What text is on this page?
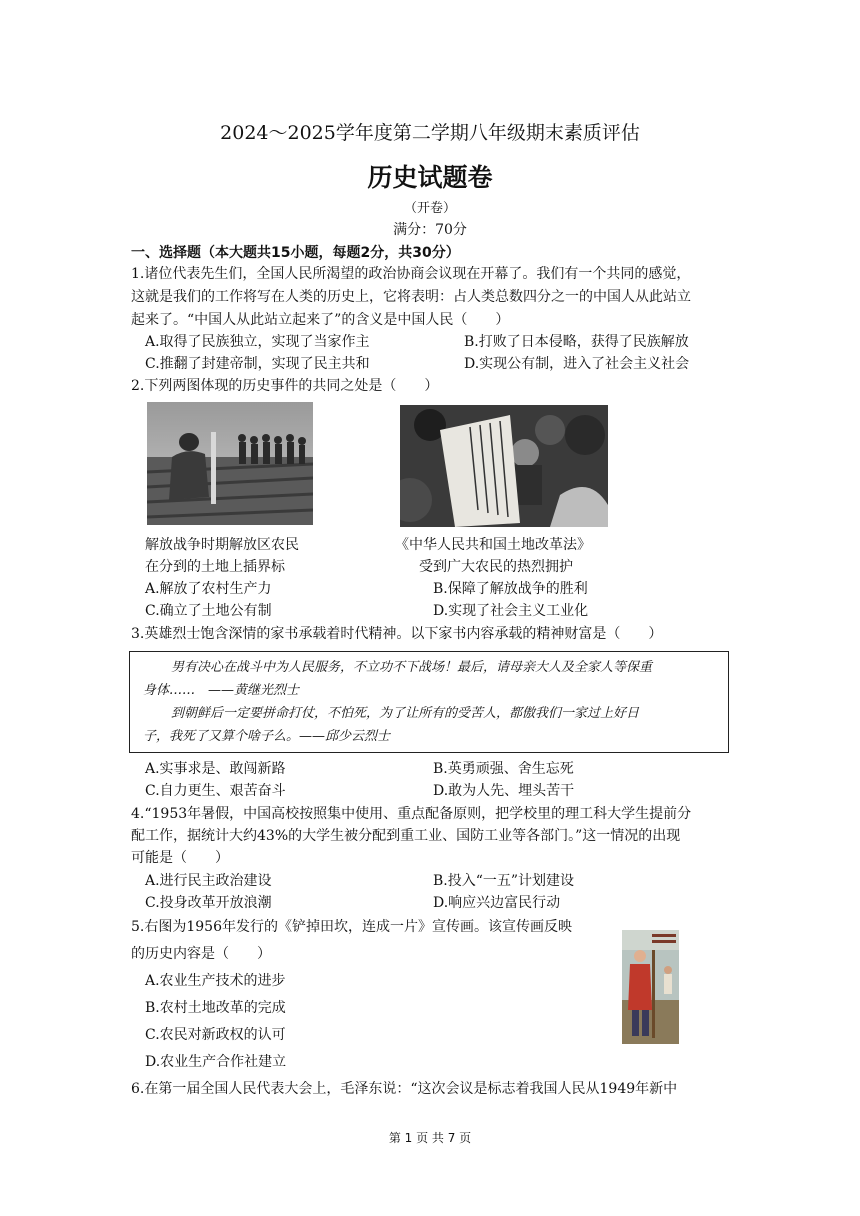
2024～2025学年度第二学期八年级期末素质评估
历史试题卷
（开卷）
满分：70分
一、选择题（本大题共15小题，每题2分，共30分）
1.诸位代表先生们，全国人民所渴望的政治协商会议现在开幕了。我们有一个共同的感觉，
这就是我们的工作将写在人类的历史上，它将表明：占人类总数四分之一的中国人从此站立
起来了。“中国人从此站立起来了”的含义是中国人民（　　）
A.取得了民族独立，实现了当家作主	B.打败了日本侵略，获得了民族解放
C.推翻了封建帝制，实现了民主共和	D.实现公有制，进入了社会主义社会
2.下列两图体现的历史事件的共同之处是（　　）
解放战争时期解放区农民
在分到的土地上插界标
《中华人民共和国土地改革法》
受到广大农民的热烈拥护
A.解放了农村生产力	B.保障了解放战争的胜利
C.确立了土地公有制	D.实现了社会主义工业化
3.英雄烈士饱含深情的家书承载着时代精神。以下家书内容承载的精神财富是（　　）
男有决心在战斗中为人民服务，不立功不下战场！最后，请母亲大人及全家人等保重
身体……　——黄继光烈士
到朝鲜后一定要拼命打仗，不怕死，为了让所有的受苦人，都傲我们一家过上好日
子，我死了又算个啥子么。——邱少云烈士
A.实事求是、敢闯新路	B.英勇顽强、舍生忘死
C.自力更生、艰苦奋斗	D.敢为人先、埋头苦干
4.“1953年暑假，中国高校按照集中使用、重点配备原则，把学校里的理工科大学生提前分
配工作，据统计大约43%的大学生被分配到重工业、国防工业等各部门。”这一情况的出现
可能是（　　）
A.进行民主政治建设	B.投入“一五”计划建设
C.投身改革开放浪潮	D.响应兴边富民行动
5.右图为1956年发行的《铲掉田坎，连成一片》宣传画。该宣传画反映
的历史内容是（　　）
A.农业生产技术的进步
B.农村土地改革的完成
C.农民对新政权的认可
D.农业生产合作社建立
6.在第一届全国人民代表大会上，毛泽东说：“这次会议是标志着我国人民从1949年新中
第 1 页 共 7 页
